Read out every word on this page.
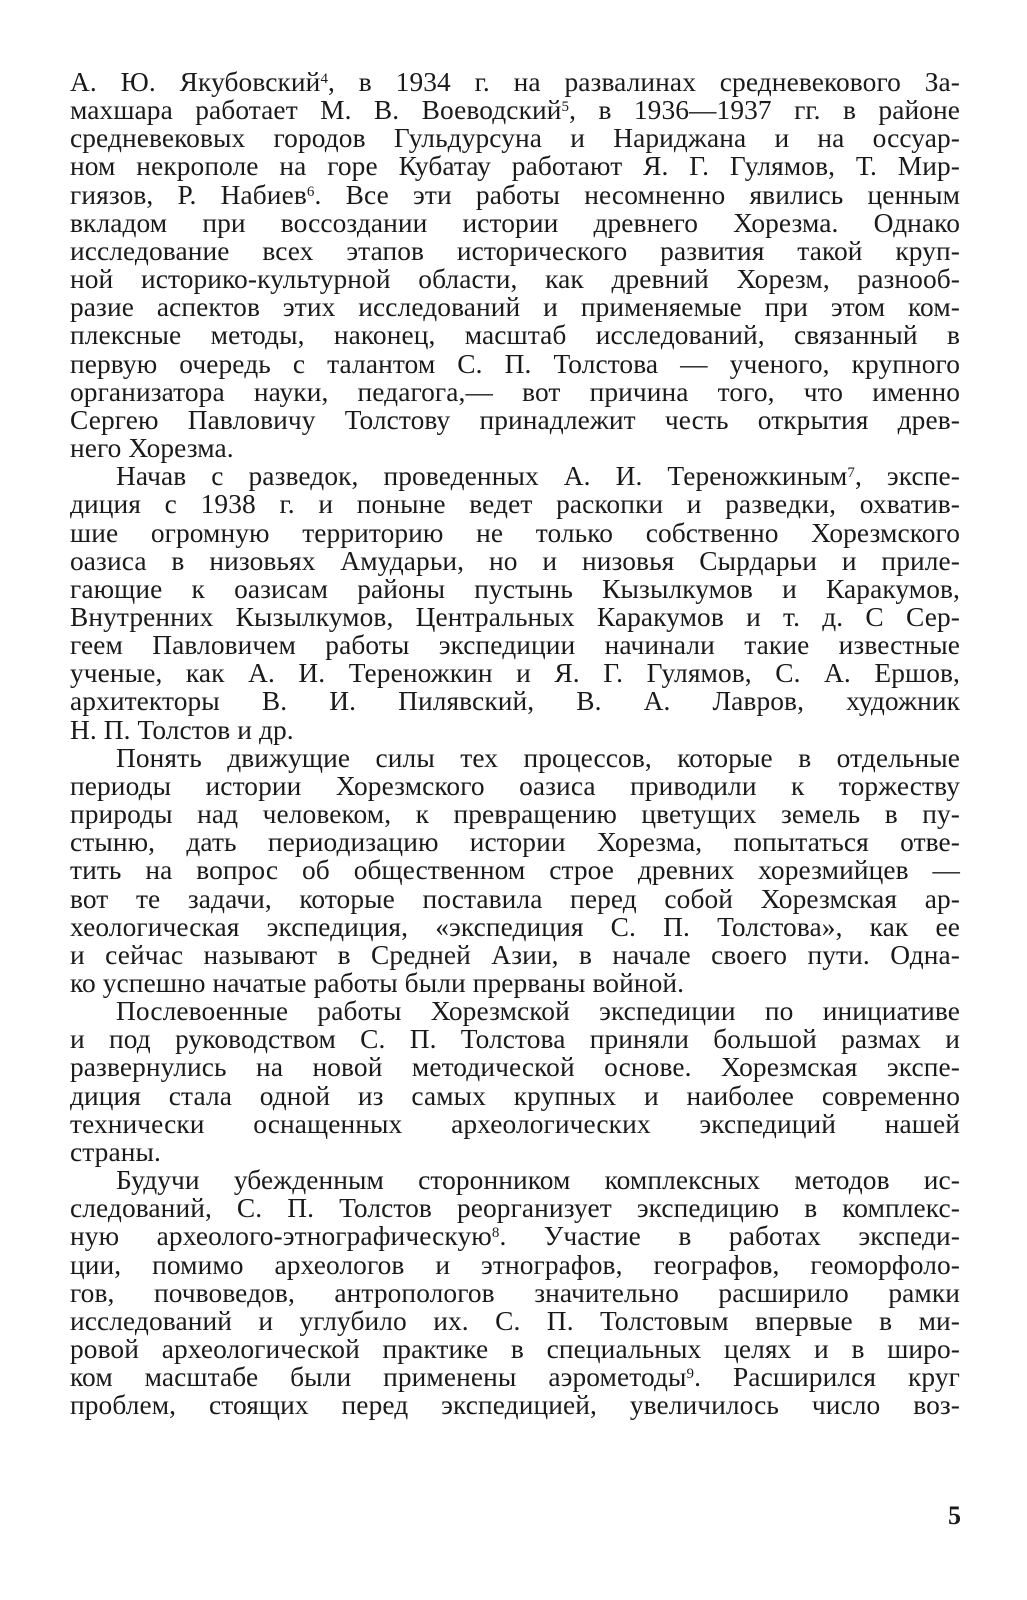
А. Ю. Якубовский$^4$, в 1934 г. на развалинах средневекового За-
махшара работает М. В. Воеводский$^5$, в 1936—1937 гг. в районе
средневековых городов Гульдурсуна и Нариджана и на оссуар-
ном некрополе на горе Кубатау работают Я. Г. Гулямов, Т. Мир-
гиязов, Р. Набиев$^6$. Все эти работы несомненно явились ценным
вкладом при воссоздании истории древнего Хорезма. Однако
исследование всех этапов исторического развития такой круп-
ной историко-культурной области, как древний Хорезм, разнооб-
разие аспектов этих исследований и применяемые при этом ком-
плексные методы, наконец, масштаб исследований, связанный в
первую очередь с талантом С. П. Толстова — ученого, крупного
организатора науки, педагога,— вот причина того, что именно
Сергею Павловичу Толстову принадлежит честь открытия древ-
него Хорезма.
Начав с разведок, проведенных А. И. Тереножкиным$^7$, экспе-
диция с 1938 г. и поныне ведет раскопки и разведки, охватив-
шие огромную территорию не только собственно Хорезмского
оазиса в низовьях Амударьи, но и низовья Сырдарьи и приле-
гающие к оазисам районы пустынь Кызылкумов и Каракумов,
Внутренних Кызылкумов, Центральных Каракумов и т. д. С Сер-
геем Павловичем работы экспедиции начинали такие известные
ученые, как А. И. Тереножкин и Я. Г. Гулямов, С. А. Ершов,
архитекторы В. И. Пилявский, В. А. Лавров, художник
Н. П. Толстов и др.
Понять движущие силы тех процессов, которые в отдельные
периоды истории Хорезмского оазиса приводили к торжеству
природы над человеком, к превращению цветущих земель в пу-
стыню, дать периодизацию истории Хорезма, попытаться отве-
тить на вопрос об общественном строе древних хорезмийцев —
вот те задачи, которые поставила перед собой Хорезмская ар-
хеологическая экспедиция, «экспедиция С. П. Толстова», как ее
и сейчас называют в Средней Азии, в начале своего пути. Одна-
ко успешно начатые работы были прерваны войной.
Послевоенные работы Хорезмской экспедиции по инициативе
и под руководством С. П. Толстова приняли большой размах и
развернулись на новой методической основе. Хорезмская экспе-
диция стала одной из самых крупных и наиболее современно
технически оснащенных археологических экспедиций нашей
страны.
Будучи убежденным сторонником комплексных методов ис-
следований, С. П. Толстов реорганизует экспедицию в комплекс-
ную археолого-этнографическую$^8$. Участие в работах экспеди-
ции, помимо археологов и этнографов, географов, геоморфоло-
гов, почвоведов, антропологов значительно расширило рамки
исследований и углубило их. С. П. Толстовым впервые в ми-
ровой археологической практике в специальных целях и в широ-
ком масштабе были применены аэрометоды$^9$. Расширился круг
проблем, стоящих перед экспедицией, увеличилось число воз-
5
